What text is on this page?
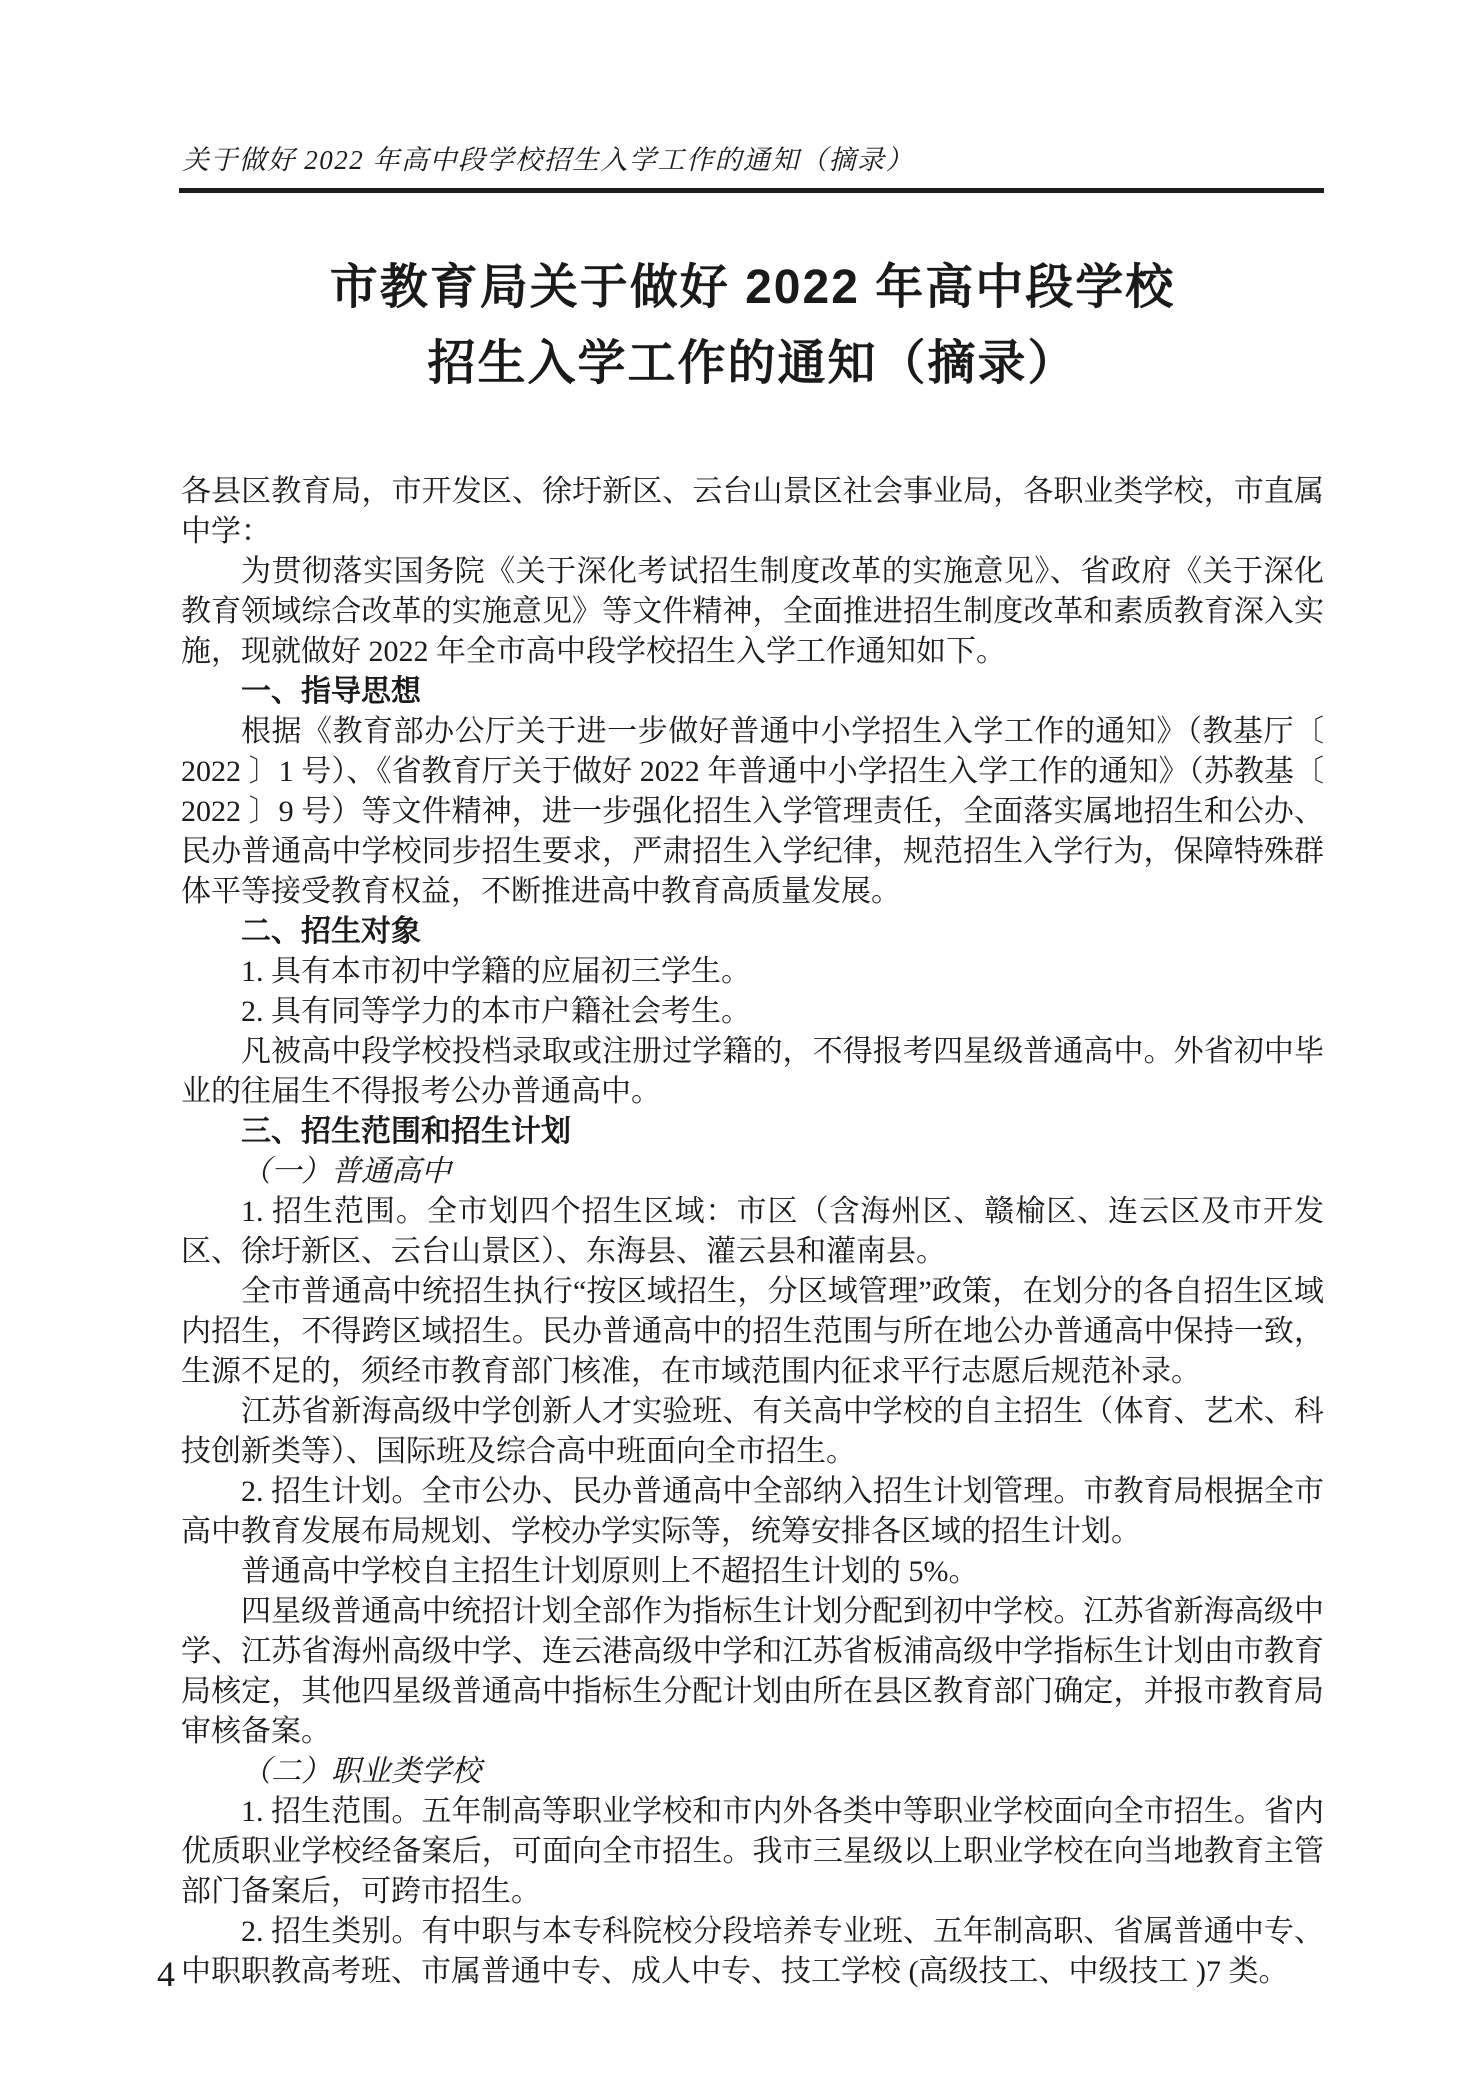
关于做好 2022 年高中段学校招生入学工作的通知（摘录）
市教育局关于做好 2022 年高中段学校
招生入学工作的通知（摘录）

各县区教育局，市开发区、徐圩新区、云台山景区社会事业局，各职业类学校，市直属中学：

为贯彻落实国务院《关于深化考试招生制度改革的实施意见》、省政府《关于深化教育领域综合改革的实施意见》等文件精神，全面推进招生制度改革和素质教育深入实施，现就做好 2022 年全市高中段学校招生入学工作通知如下。

一、指导思想

根据《教育部办公厅关于进一步做好普通中小学招生入学工作的通知》（教基厅〔 2022 〕1 号）、《省教育厅关于做好 2022 年普通中小学招生入学工作的通知》（苏教基〔 2022 〕9 号）等文件精神，进一步强化招生入学管理责任，全面落实属地招生和公办、民办普通高中学校同步招生要求，严肃招生入学纪律，规范招生入学行为，保障特殊群体平等接受教育权益，不断推进高中教育高质量发展。

二、招生对象

1. 具有本市初中学籍的应届初三学生。

2. 具有同等学力的本市户籍社会考生。

凡被高中段学校投档录取或注册过学籍的，不得报考四星级普通高中。外省初中毕业的往届生不得报考公办普通高中。

三、招生范围和招生计划

（一）普通高中

1. 招生范围。全市划四个招生区域：市区（含海州区、赣榆区、连云区及市开发区、徐圩新区、云台山景区）、东海县、灌云县和灌南县。

全市普通高中统招生执行“按区域招生，分区域管理”政策，在划分的各自招生区域内招生，不得跨区域招生。民办普通高中的招生范围与所在地公办普通高中保持一致，生源不足的，须经市教育部门核准，在市域范围内征求平行志愿后规范补录。

江苏省新海高级中学创新人才实验班、有关高中学校的自主招生（体育、艺术、科技创新类等）、国际班及综合高中班面向全市招生。

2. 招生计划。全市公办、民办普通高中全部纳入招生计划管理。市教育局根据全市高中教育发展布局规划、学校办学实际等，统筹安排各区域的招生计划。

普通高中学校自主招生计划原则上不超招生计划的 5%。

四星级普通高中统招计划全部作为指标生计划分配到初中学校。江苏省新海高级中学、江苏省海州高级中学、连云港高级中学和江苏省板浦高级中学指标生计划由市教育局核定，其他四星级普通高中指标生分配计划由所在县区教育部门确定，并报市教育局审核备案。

（二）职业类学校

1. 招生范围。五年制高等职业学校和市内外各类中等职业学校面向全市招生。省内优质职业学校经备案后，可面向全市招生。我市三星级以上职业学校在向当地教育主管部门备案后，可跨市招生。

2. 招生类别。有中职与本专科院校分段培养专业班、五年制高职、省属普通中专、中职职教高考班、市属普通中专、成人中专、技工学校 (高级技工、中级技工 )7 类。

4
